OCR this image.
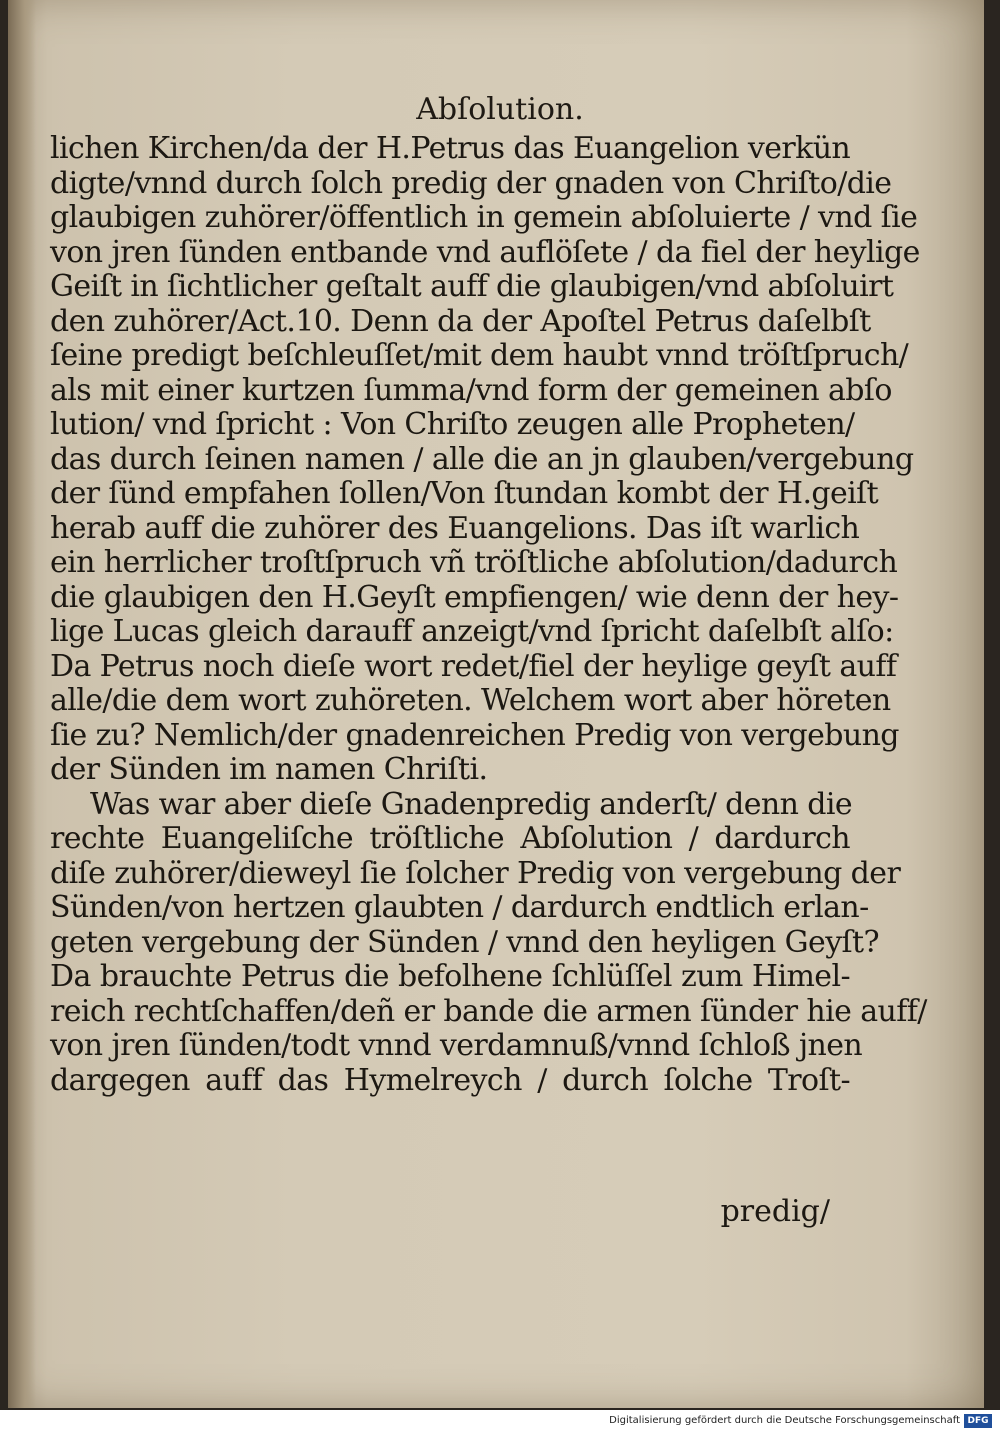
Abſolution.
lichen Kirchen/da der H.Petrus das Euangelion verkün
digte/vnnd durch ſolch predig der gnaden von Chriſto/die
glaubigen zuhörer/öffentlich in gemein abſoluierte / vnd ſie
von jren ſünden entbande vnd auflöſete / da fiel der heylige
Geiſt in ſichtlicher geſtalt auff die glaubigen/vnd abſoluirt
den zuhörer/Act.10. Denn da der Apoſtel Petrus daſelbſt
ſeine predigt beſchleuſſet/mit dem haubt vnnd tröſtſpruch/
als mit einer kurtzen ſumma/vnd form der gemeinen abſo
lution/ vnd ſpricht : Von Chriſto zeugen alle Propheten/
das durch ſeinen namen / alle die an jn glauben/vergebung
der ſünd empfahen ſollen/Von ſtundan kombt der H.geiſt
herab auff die zuhörer des Euangelions. Das iſt warlich
ein herrlicher troſtſpruch vñ tröſtliche abſolution/dadurch
die glaubigen den H.Geyſt empfiengen/ wie denn der hey-
lige Lucas gleich darauff anzeigt/vnd ſpricht daſelbſt alſo:
Da Petrus noch dieſe wort redet/fiel der heylige geyſt auff
alle/die dem wort zuhöreten. Welchem wort aber höreten
ſie zu? Nemlich/der gnadenreichen Predig von vergebung
der Sünden im namen Chriſti.
Was war aber dieſe Gnadenpredig anderſt/ denn die
rechte Euangeliſche tröſtliche Abſolution / dardurch
diſe zuhörer/dieweyl ſie ſolcher Predig von vergebung der
Sünden/von hertzen glaubten / dardurch endtlich erlan-
geten vergebung der Sünden / vnnd den heyligen Geyſt?
Da brauchte Petrus die befolhene ſchlüſſel zum Himel-
reich rechtſchaffen/deñ er bande die armen ſünder hie auff/
von jren ſünden/todt vnnd verdamnuß/vnnd ſchloß jnen
dargegen auff das Hymelreych / durch ſolche Troſt-
predig/
Digitalisierung gefördert durch die Deutsche Forschungsgemeinschaft DFG
